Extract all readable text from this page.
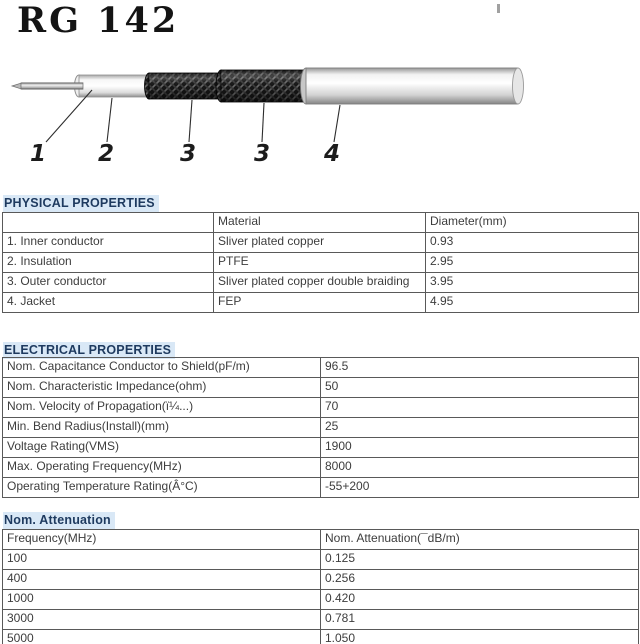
RG 142
1 2	3	3 4
PHYSICAL PROPERTIES
	Material	Diameter(mm)
1. Inner conductor	Sliver plated copper	0.93
2. Insulation	PTFE	2.95
3. Outer conductor	Sliver plated copper double braiding	3.95
4. Jacket	FEP	4.95
ELECTRICAL PROPERTIES
Nom. Capacitance Conductor to Shield(pF/m)	96.5
Nom. Characteristic Impedance(ohm)	50
Nom. Velocity of Propagation(ï¼...)	70
Min. Bend Radius(Install)(mm)	25
Voltage Rating(VMS)	1900
Max. Operating Frequency(MHz)	8000
Operating Temperature Rating(Â°C)	-55+200
Nom. Attenuation
Frequency(MHz)	Nom. Attenuation(¯dB/m)
100	0.125
400	0.256
1000	0.420
3000	0.781
5000	1.050
